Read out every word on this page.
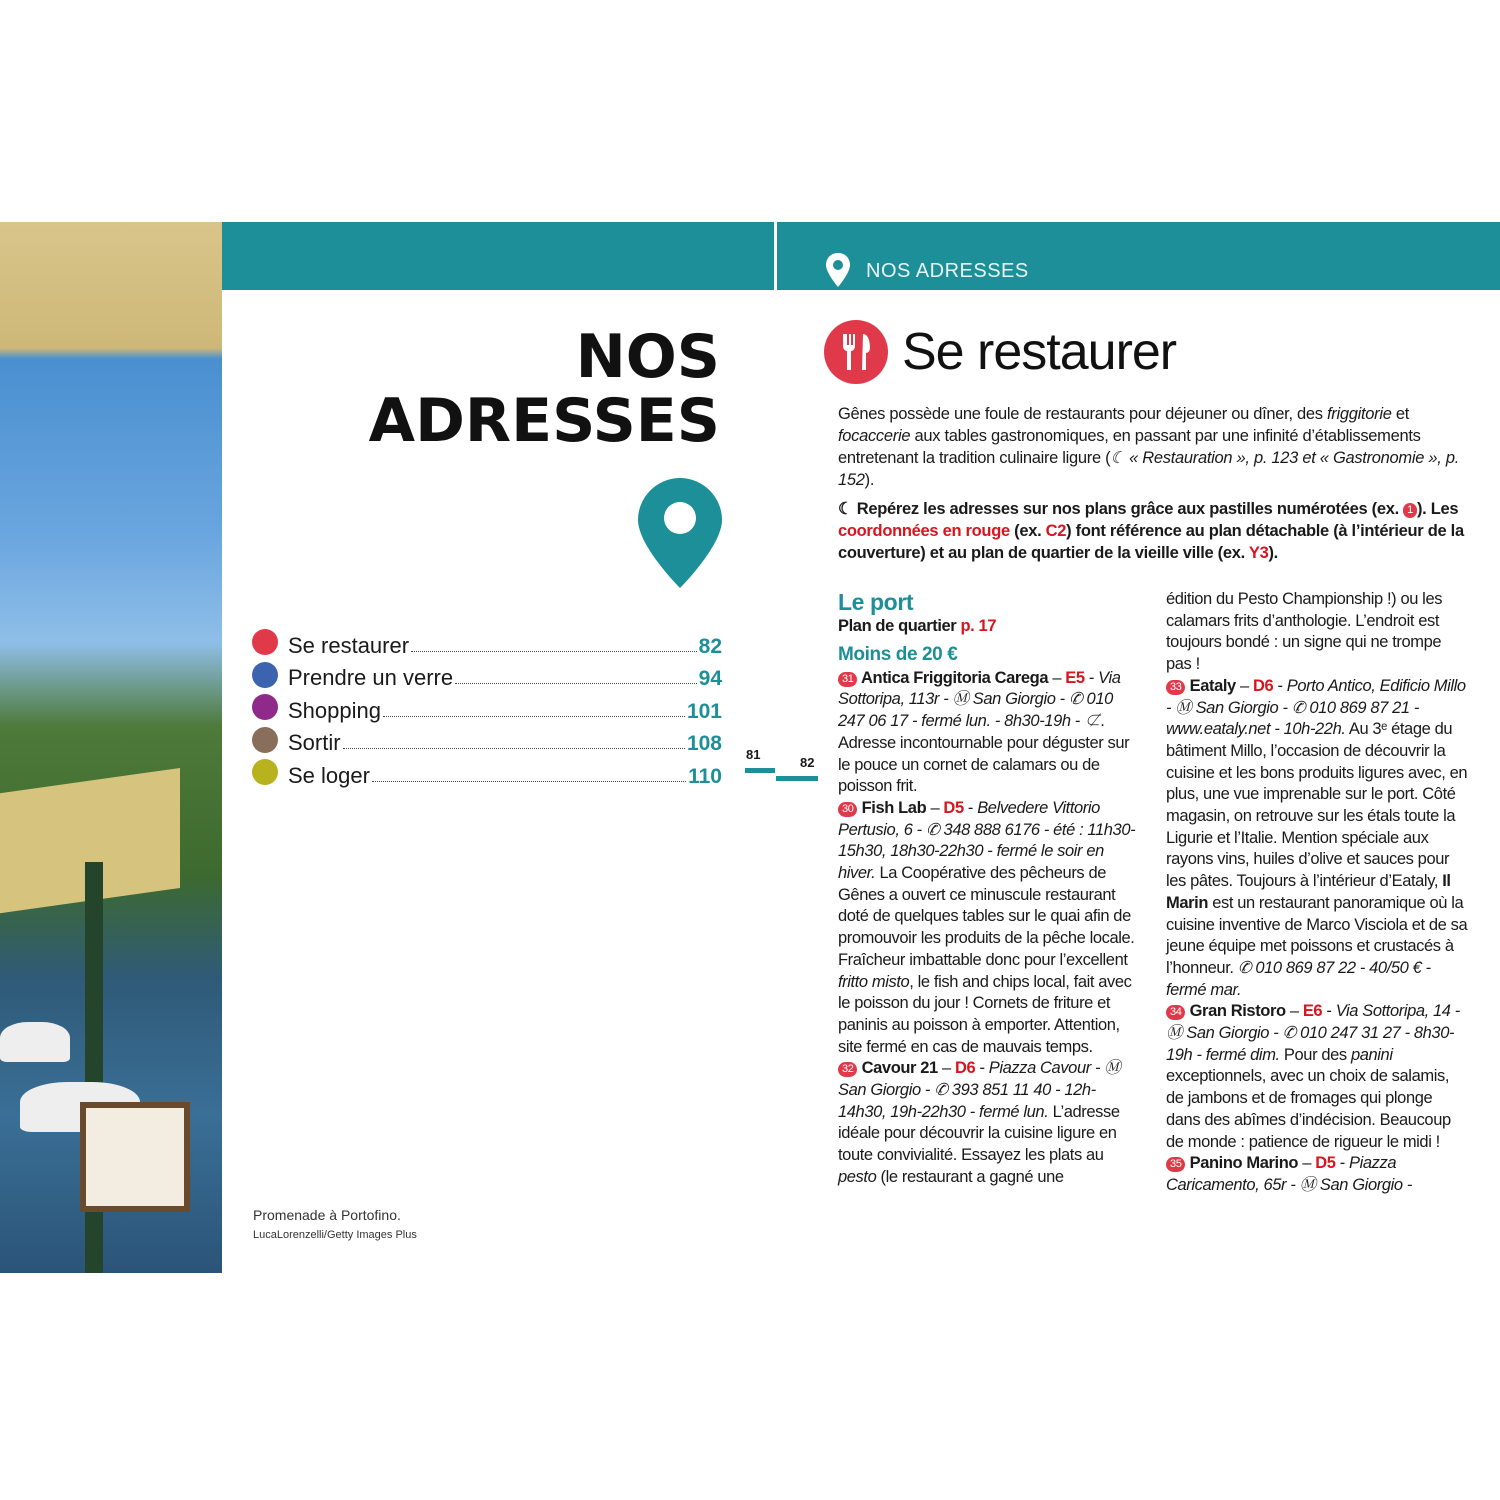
NOS ADRESSES
NOS
ADRESSES
Se restaurer	82
Prendre un verre	94
Shopping	101
Sortir	108
Se loger	110
81
82
Promenade à Portofino.
LucaLorenzelli/Getty Images Plus
Se restaurer
Gênes possède une foule de restaurants pour déjeuner ou dîner, des friggitorie et focaccerie aux tables gastronomiques, en passant par une infinité d’établissements entretenant la tradition culinaire ligure (☾ « Restauration », p. 123 et « Gastronomie », p. 152).
☾ Repérez les adresses sur nos plans grâce aux pastilles numérotées (ex. 1 ). Les coordonnées en rouge (ex. C2) font référence au plan détachable (à l’intérieur de la couverture) et au plan de quartier de la vieille ville (ex. Y3).
Le port
Plan de quartier p. 17
Moins de 20 €
31 Antica Friggitoria Carega – E5 - Via Sottoripa, 113r - Ⓜ San Giorgio - ✆ 010 247 06 17 - fermé lun. - 8h30-19h - ⊄. Adresse incontournable pour déguster sur le pouce un cornet de calamars ou de poisson frit.
30 Fish Lab – D5 - Belvedere Vittorio Pertusio, 6 - ✆ 348 888 6176 - été : 11h30-15h30, 18h30-22h30 - fermé le soir en hiver. La Coopérative des pêcheurs de Gênes a ouvert ce minuscule restaurant doté de quelques tables sur le quai afin de promouvoir les produits de la pêche locale. Fraîcheur imbattable donc pour l’excellent fritto misto, le fish and chips local, fait avec le poisson du jour ! Cornets de friture et paninis au poisson à emporter. Attention, site fermé en cas de mauvais temps.
32 Cavour 21 – D6 - Piazza Cavour - Ⓜ San Giorgio - ✆ 393 851 11 40 - 12h-14h30, 19h-22h30 - fermé lun. L’adresse idéale pour découvrir la cuisine ligure en toute convivialité. Essayez les plats au pesto (le restaurant a gagné une
édition du Pesto Championship !) ou les calamars frits d’anthologie. L’endroit est toujours bondé : un signe qui ne trompe pas !
33 Eataly – D6 - Porto Antico, Edificio Millo - Ⓜ San Giorgio - ✆ 010 869 87 21 - www.eataly.net - 10h-22h. Au 3ᵉ étage du bâtiment Millo, l’occasion de découvrir la cuisine et les bons produits ligures avec, en plus, une vue imprenable sur le port. Côté magasin, on retrouve sur les étals toute la Ligurie et l’Italie. Mention spéciale aux rayons vins, huiles d’olive et sauces pour les pâtes. Toujours à l’intérieur d’Eataly, Il Marin est un restaurant panoramique où la cuisine inventive de Marco Visciola et de sa jeune équipe met poissons et crustacés à l’honneur. ✆ 010 869 87 22 - 40/50 € - fermé mar.
34 Gran Ristoro – E6 - Via Sottoripa, 14 - Ⓜ San Giorgio - ✆ 010 247 31 27 - 8h30-19h - fermé dim. Pour des panini exceptionnels, avec un choix de salamis, de jambons et de fromages qui plonge dans des abîmes d’indécision. Beaucoup de monde : patience de rigueur le midi !
35 Panino Marino – D5 - Piazza Caricamento, 65r - Ⓜ San Giorgio -
